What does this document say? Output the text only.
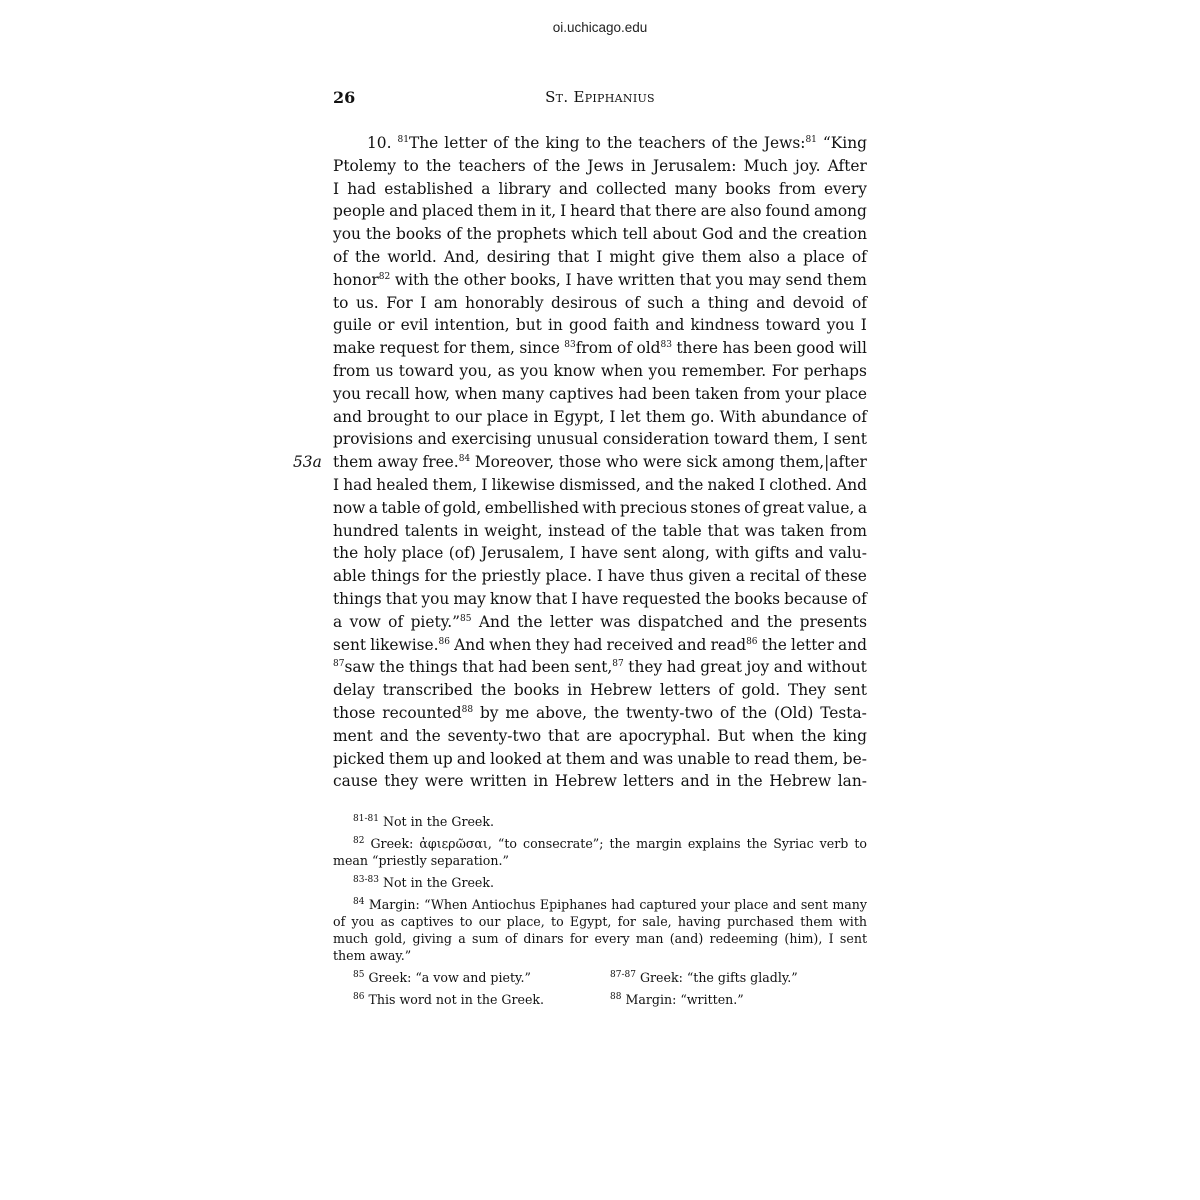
oi.uchicago.edu
26	St. Epiphanius
10. $^{81}$The letter of the king to the teachers of the Jews:$^{81}$ “King
Ptolemy to the teachers of the Jews in Jerusalem: Much joy. After
I had established a library and collected many books from every
people and placed them in it, I heard that there are also found among
you the books of the prophets which tell about God and the creation
of the world. And, desiring that I might give them also a place of
honor$^{82}$ with the other books, I have written that you may send them
to us. For I am honorably desirous of such a thing and devoid of
guile or evil intention, but in good faith and kindness toward you I
make request for them, since $^{83}$from of old$^{83}$ there has been good will
from us toward you, as you know when you remember. For perhaps
you recall how, when many captives had been taken from your place
and brought to our place in Egypt, I let them go. With abundance of
provisions and exercising unusual consideration toward them, I sent
them away free.$^{84}$ Moreover, those who were sick among them,|after
53a
I had healed them, I likewise dismissed, and the naked I clothed. And
now a table of gold, embellished with precious stones of great value, a
hundred talents in weight, instead of the table that was taken from
the holy place (of) Jerusalem, I have sent along, with gifts and valu-
able things for the priestly place. I have thus given a recital of these
things that you may know that I have requested the books because of
a vow of piety.”$^{85}$ And the letter was dispatched and the presents
sent likewise.$^{86}$ And when they had received and read$^{86}$ the letter and
$^{87}$saw the things that had been sent,$^{87}$ they had great joy and without
delay transcribed the books in Hebrew letters of gold. They sent
those recounted$^{88}$ by me above, the twenty-two of the (Old) Testa-
ment and the seventy-two that are apocryphal. But when the king
picked them up and looked at them and was unable to read them, be-
cause they were written in Hebrew letters and in the Hebrew lan-
$^{81-81}$ Not in the Greek.
$^{82}$ Greek: ἀφιερῶσαι, “to consecrate”; the margin explains the Syriac verb to mean “priestly separation.”
$^{83-83}$ Not in the Greek.
$^{84}$ Margin: “When Antiochus Epiphanes had captured your place and sent many of you as captives to our place, to Egypt, for sale, having purchased them with much gold, giving a sum of dinars for every man (and) redeeming (him), I sent them away.”
$^{85}$ Greek: “a vow and piety.”
$^{86}$ This word not in the Greek.
$^{87-87}$ Greek: “the gifts gladly.”
$^{88}$ Margin: “written.”
